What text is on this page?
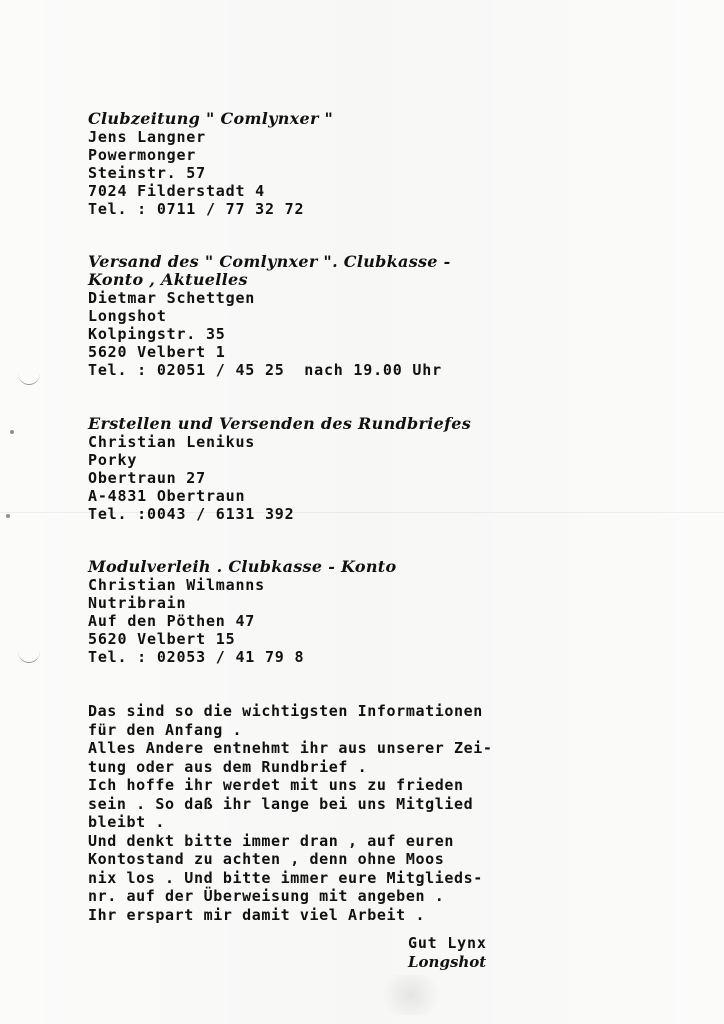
Clubzeitung " Comlynxer "
Jens Langner
Powermonger
Steinstr. 57
7024 Filderstadt 4
Tel. : 0711 / 77 32 72
Versand des " Comlynxer ". Clubkasse -
Konto , Aktuelles
Dietmar Schettgen
Longshot
Kolpingstr. 35
5620 Velbert 1
Tel. : 02051 / 45 25  nach 19.00 Uhr
Erstellen und Versenden des Rundbriefes
Christian Lenikus
Porky
Obertraun 27
A-4831 Obertraun
Tel. :0043 / 6131 392
Modulverleih . Clubkasse - Konto
Christian Wilmanns
Nutribrain
Auf den Pöthen 47
5620 Velbert 15
Tel. : 02053 / 41 79 8
Das sind so die wichtigsten Informationen
für den Anfang .
Alles Andere entnehmt ihr aus unserer Zei-
tung oder aus dem Rundbrief .
Ich hoffe ihr werdet mit uns zu frieden
sein . So daß ihr lange bei uns Mitglied
bleibt .
Und denkt bitte immer dran , auf euren
Kontostand zu achten , denn ohne Moos
nix los . Und bitte immer eure Mitglieds-
nr. auf der Überweisung mit angeben .
Ihr erspart mir damit viel Arbeit .
Gut Lynx
Longshot
